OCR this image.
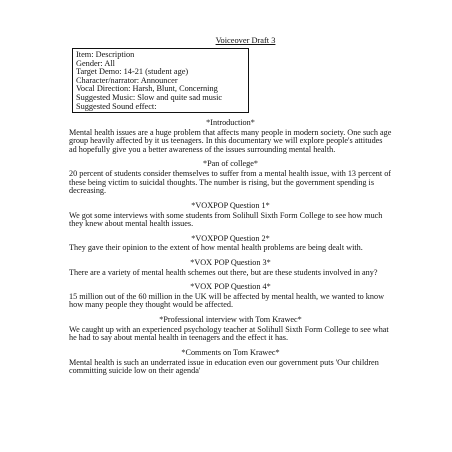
Voiceover Draft 3
Item: Description
Gender: All
Target Demo: 14-21 (student age)
Character/narrator: Announcer
Vocal Direction: Harsh, Blunt, Concerning
Suggested Music: Slow and quite sad music
Suggested Sound effect:
*Introduction*
Mental health issues are a huge problem that affects many people in modern society. One such age group heavily affected by it us teenagers. In this documentary we will explore people's attitudes ad hopefully give you a better awareness of the issues surrounding mental health.
*Pan of college*
20 percent of students consider themselves to suffer from a mental health issue, with 13 percent of these being victim to suicidal thoughts. The number is rising, but the government spending is decreasing.
*VOXPOP Question 1*
We got some interviews with some students from Solihull Sixth Form College to see how much they knew about mental health issues.
*VOXPOP Question 2*
They gave their opinion to the extent of how mental health problems are being dealt with.
*VOX POP Question 3*
There are a variety of mental health schemes out there, but are these students involved in any?
*VOX POP Question 4*
15 million out of the 60 million in the UK will be affected by mental health, we wanted to know how many people they thought would be affected.
*Professional interview with Tom Krawec*
We caught up with an experienced psychology teacher at Solihull Sixth Form College to see what he had to say about mental health in teenagers and the effect it has.
*Comments on Tom Krawec*
Mental health is such an underrated issue in education even our government puts 'Our children committing suicide low on their agenda'
